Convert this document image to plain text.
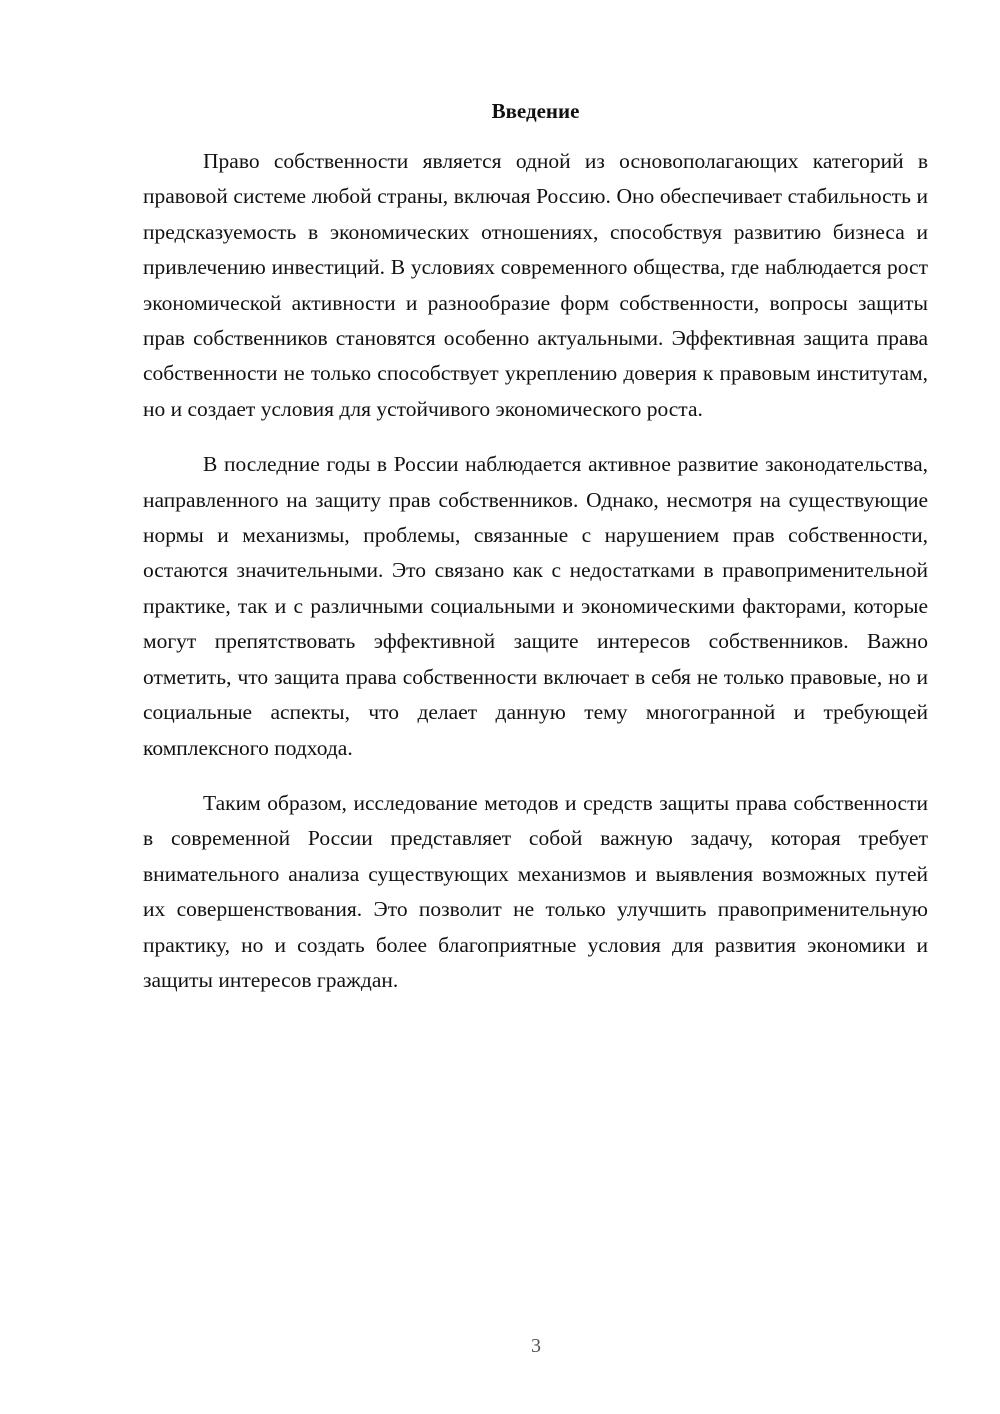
Введение

Право собственности является одной из основополагающих категорий в правовой системе любой страны, включая Россию. Оно обеспечивает стабильность и предсказуемость в экономических отношениях, способствуя развитию бизнеса и привлечению инвестиций. В условиях современного общества, где наблюдается рост экономической активности и разнообразие форм собственности, вопросы защиты прав собственников становятся особенно актуальными. Эффективная защита права собственности не только способствует укреплению доверия к правовым институтам, но и создает условия для устойчивого экономического роста.

В последние годы в России наблюдается активное развитие законодательства, направленного на защиту прав собственников. Однако, несмотря на существующие нормы и механизмы, проблемы, связанные с нарушением прав собственности, остаются значительными. Это связано как с недостатками в правоприменительной практике, так и с различными социальными и экономическими факторами, которые могут препятствовать эффективной защите интересов собственников. Важно отметить, что защита права собственности включает в себя не только правовые, но и социальные аспекты, что делает данную тему многогранной и требующей комплексного подхода.

Таким образом, исследование методов и средств защиты права собственности в современной России представляет собой важную задачу, которая требует внимательного анализа существующих механизмов и выявления возможных путей их совершенствования. Это позволит не только улучшить правоприменительную практику, но и создать более благоприятные условия для развития экономики и защиты интересов граждан.

3
